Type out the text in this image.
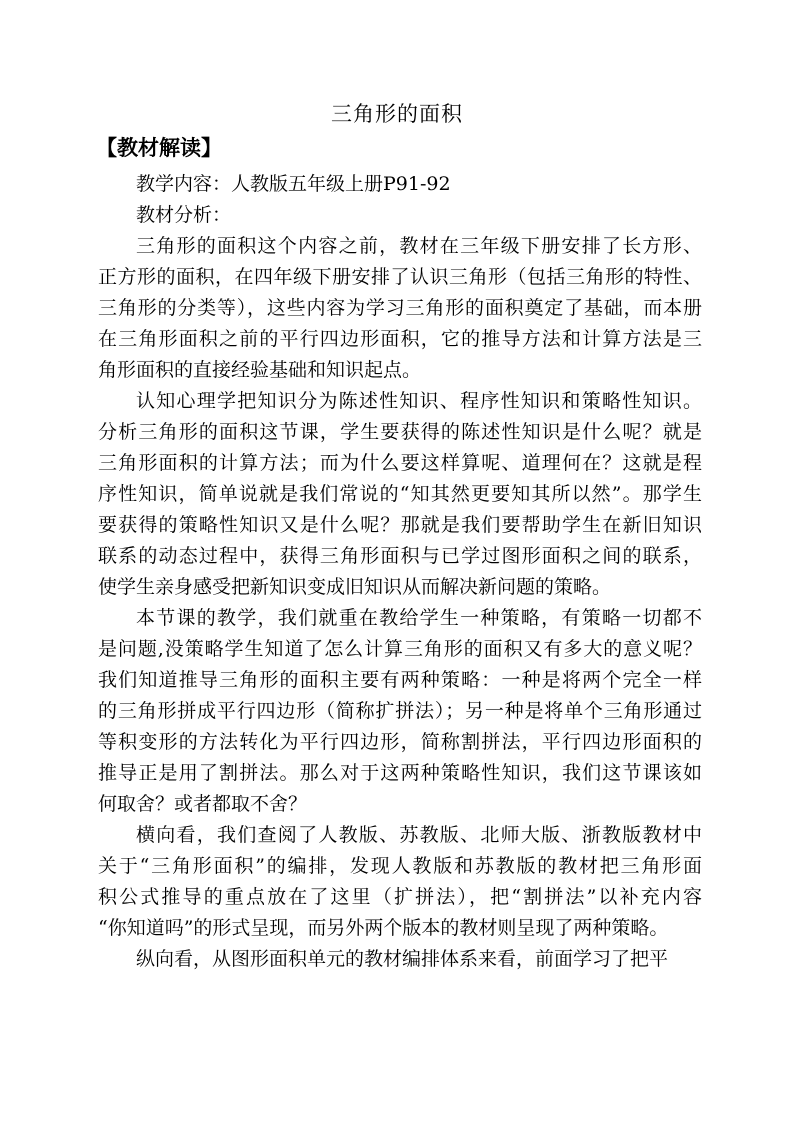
三角形的面积
【教材解读】

教学内容：人教版五年级上册P91-92

教材分析：

三角形的面积这个内容之前，教材在三年级下册安排了长方形、

正方形的面积，在四年级下册安排了认识三角形（包括三角形的特性、

三角形的分类等），这些内容为学习三角形的面积奠定了基础，而本册

在三角形面积之前的平行四边形面积，它的推导方法和计算方法是三

角形面积的直接经验基础和知识起点。

认知心理学把知识分为陈述性知识、程序性知识和策略性知识。

分析三角形的面积这节课，学生要获得的陈述性知识是什么呢？就是

三角形面积的计算方法；而为什么要这样算呢、道理何在？这就是程

序性知识，简单说就是我们常说的“知其然更要知其所以然”。那学生

要获得的策略性知识又是什么呢？那就是我们要帮助学生在新旧知识

联系的动态过程中，获得三角形面积与已学过图形面积之间的联系，

使学生亲身感受把新知识变成旧知识从而解决新问题的策略。

本节课的教学，我们就重在教给学生一种策略，有策略一切都不

是问题,没策略学生知道了怎么计算三角形的面积又有多大的意义呢？

我们知道推导三角形的面积主要有两种策略：一种是将两个完全一样

的三角形拼成平行四边形（简称扩拼法）；另一种是将单个三角形通过

等积变形的方法转化为平行四边形，简称割拼法，平行四边形面积的

推导正是用了割拼法。那么对于这两种策略性知识，我们这节课该如

何取舍？或者都取不舍？

横向看，我们查阅了人教版、苏教版、北师大版、浙教版教材中

关于“三角形面积”的编排，发现人教版和苏教版的教材把三角形面

积公式推导的重点放在了这里（扩拼法），把“割拼法”以补充内容

“你知道吗”的形式呈现，而另外两个版本的教材则呈现了两种策略。

纵向看，从图形面积单元的教材编排体系来看，前面学习了把平
